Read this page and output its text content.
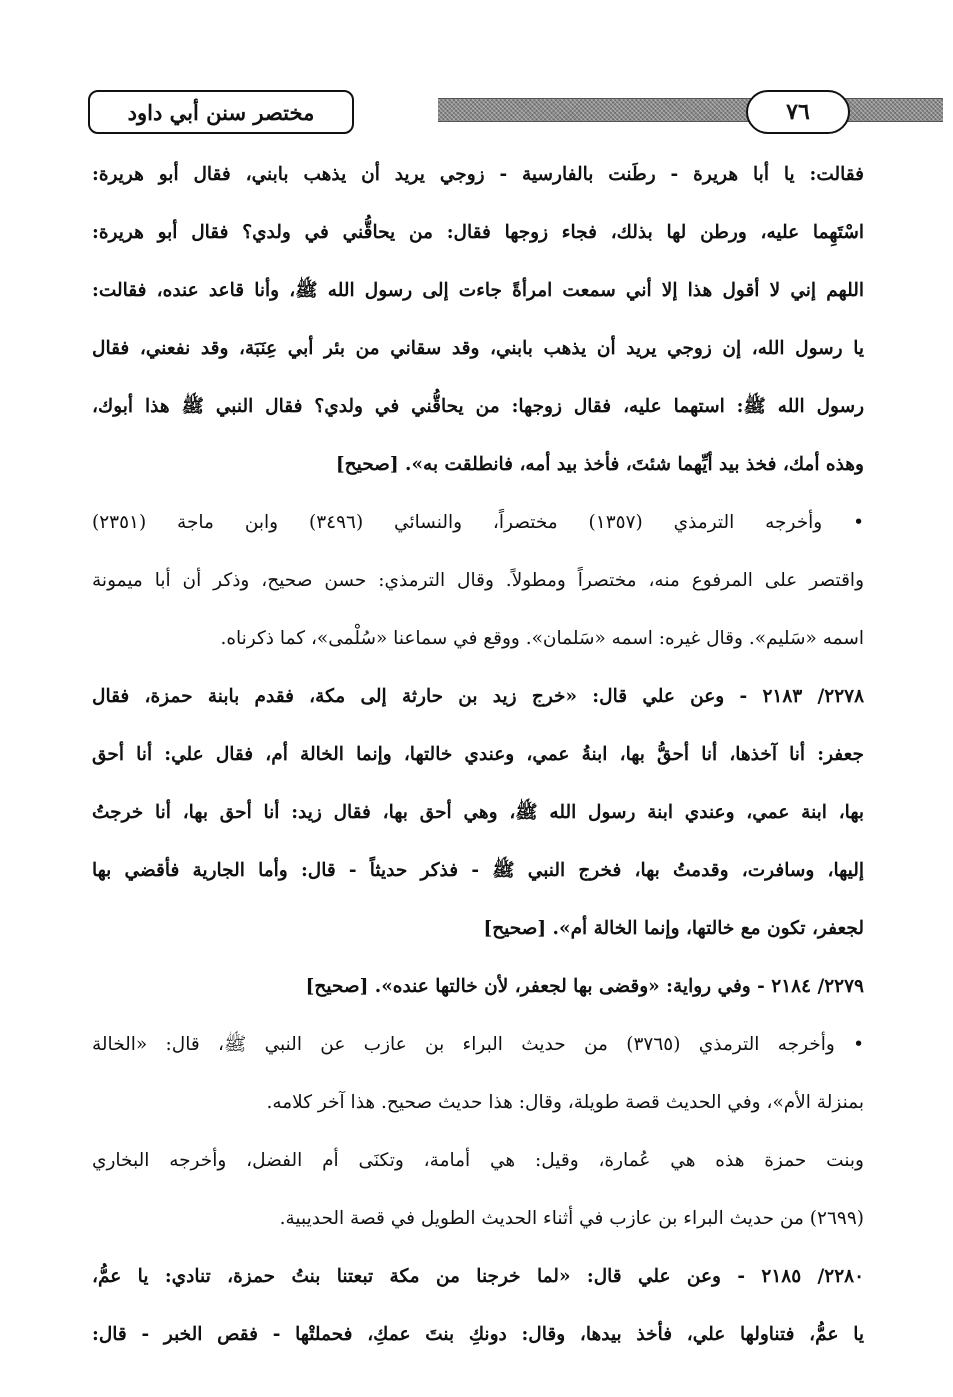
مختصر سنن أبي داود	٧٦
فقالت: يا أبا هريرة - رطَنت بالفارسية - زوجي يريد أن يذهب بابني، فقال أبو هريرة:
اسْتَهِما عليه، ورطن لها بذلك، فجاء زوجها فقال: من يحاقُّني في ولدي؟ فقال أبو هريرة:
اللهم إني لا أقول هذا إلا أني سمعت امرأةً جاءت إلى رسول الله ﷺ، وأنا قاعد عنده، فقالت:
يا رسول الله، إن زوجي يريد أن يذهب بابني، وقد سقاني من بئر أبي عِنَبَة، وقد نفعني، فقال
رسول الله ﷺ: استهما عليه، فقال زوجها: من يحاقُّني في ولدي؟ فقال النبي ﷺ هذا أبوك،
وهذه أمك، فخذ بيد أيِّهما شئتَ، فأخذ بيد أمه، فانطلقت به». [صحيح]
• وأخرجه الترمذي (١٣٥٧) مختصراً، والنسائي (٣٤٩٦) وابن ماجة (٢٣٥١)
واقتصر على المرفوع منه، مختصراً ومطولاً. وقال الترمذي: حسن صحيح، وذكر أن أبا ميمونة
اسمه «سَليم». وقال غيره: اسمه «سَلمان». ووقع في سماعنا «سُلْمى»، كما ذكرناه.
٢٢٧٨/ ٢١٨٣ - وعن علي قال: «خرج زيد بن حارثة إلى مكة، فقدم بابنة حمزة، فقال
جعفر: أنا آخذها، أنا أحقُّ بها، ابنةُ عمي، وعندي خالتها، وإنما الخالة أم، فقال علي: أنا أحق
بها، ابنة عمي، وعندي ابنة رسول الله ﷺ، وهي أحق بها، فقال زيد: أنا أحق بها، أنا خرجتُ
إليها، وسافرت، وقدمتُ بها، فخرج النبي ﷺ - فذكر حديثاً - قال: وأما الجارية فأقضي بها
لجعفر، تكون مع خالتها، وإنما الخالة أم». [صحيح]
٢٢٧٩/ ٢١٨٤ - وفي رواية: «وقضى بها لجعفر، لأن خالتها عنده». [صحيح]
• وأخرجه الترمذي (٣٧٦٥) من حديث البراء بن عازب عن النبي ﷺ، قال: «الخالة
بمنزلة الأم»، وفي الحديث قصة طويلة، وقال: هذا حديث صحيح. هذا آخر كلامه.
وبنت حمزة هذه هي عُمارة، وقيل: هي أمامة، وتكنَى أم الفضل، وأخرجه البخاري
(٢٦٩٩) من حديث البراء بن عازب في أثناء الحديث الطويل في قصة الحديبية.
٢٢٨٠/ ٢١٨٥ - وعن علي قال: «لما خرجنا من مكة تبعتنا بنتُ حمزة، تنادي: يا عمُّ،
يا عمُّ، فتناولها علي، فأخذ بيدها، وقال: دونكِ بنتَ عمكِ، فحملتْها - فقص الخبر - قال:
